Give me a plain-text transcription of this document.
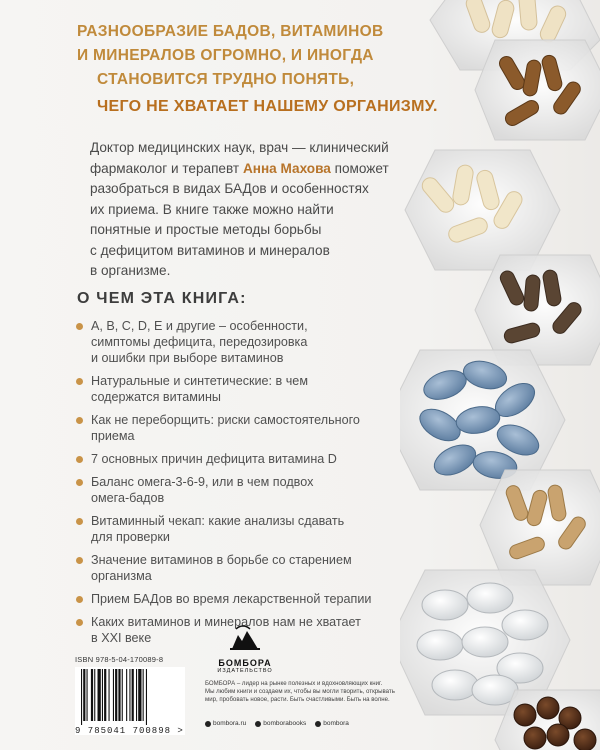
РАЗНООБРАЗИЕ БАДОВ, ВИТАМИНОВ
И МИНЕРАЛОВ ОГРОМНО, И ИНОГДА
СТАНОВИТСЯ ТРУДНО ПОНЯТЬ,
ЧЕГО НЕ ХВАТАЕТ НАШЕМУ ОРГАНИЗМУ.
Доктор медицинских наук, врач — клинический
фармаколог и терапевт Анна Махова поможет
разобраться в видах БАДов и особенностях
их приема. В книге также можно найти
понятные и простые методы борьбы
с дефицитом витаминов и минералов
в организме.
О ЧЕМ ЭТА КНИГА:
A, B, C, D, E и другие – особенности,
симптомы дефицита, передозировка
и ошибки при выборе витаминов
Натуральные и синтетические: в чем
содержатся витамины
Как не переборщить: риски самостоятельного
приема
7 основных причин дефицита витамина D
Баланс омега-3-6-9, или в чем подвох
омега-бадов
Витаминный чекап: какие анализы сдавать
для проверки
Значение витаминов в борьбе со старением
организма
Прием БАДов во время лекарственной терапии
Каких витаминов и минералов нам не хватает
в XXI веке
ISBN 978-5-04-170089-8
9 785041 700898 >
БОМБОРА
ИЗДАТЕЛЬСТВО
БОМБОРА – лидер на рынке полезных и вдохновляющих книг.
Мы любим книги и создаем их, чтобы вы могли творить, открывать
мир, пробовать новое, расти. Быть счастливыми. Быть на волне.
bombora.ru	bomborabooks	bombora
